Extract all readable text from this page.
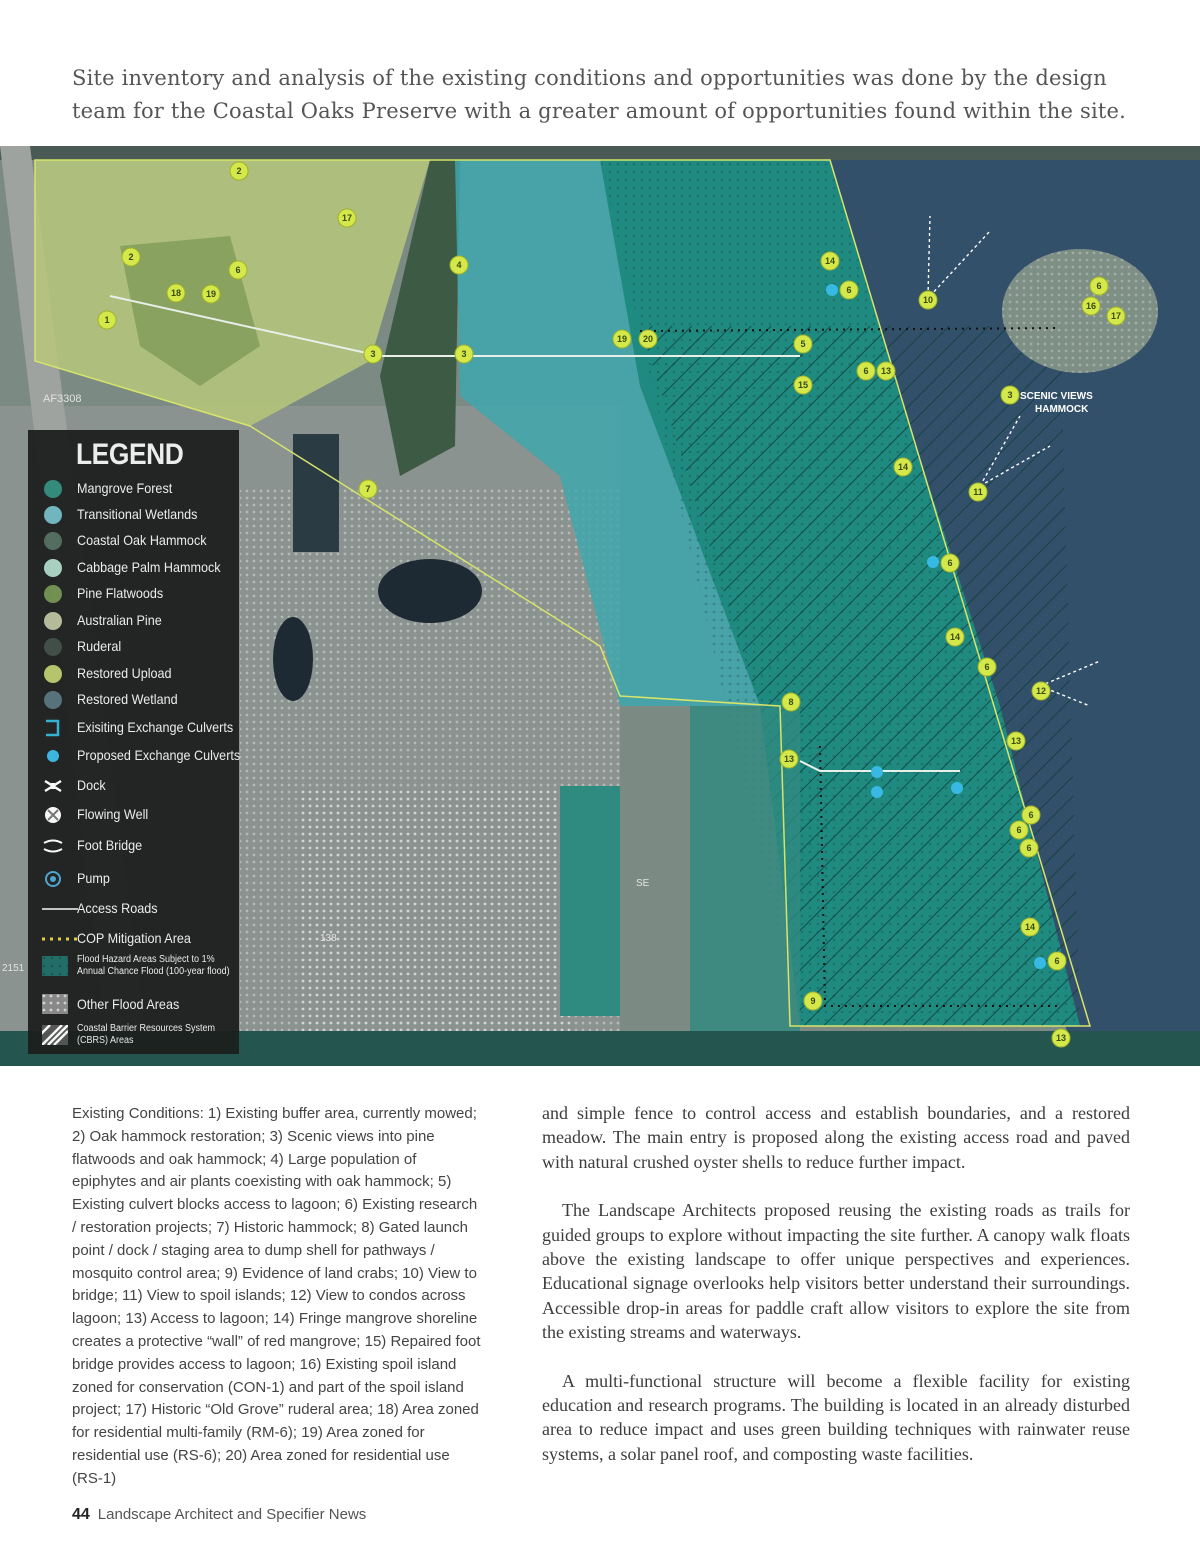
Site inventory and analysis of the existing conditions and opportunities was done by the design team for the Coastal Oaks Preserve with a greater amount of opportunities found within the site.
2
17
2
6	4
18	19
1
3	3
19 20	5
15
6 13
14
6
10
6
16
17
3
14
11
7
6
14
6
12
8
13
13
6
6
6
14
6
9
13
SCENIC VIEWS
HAMMOCK
AF3308
138
2151
SE
LEGEND
Mangrove Forest
Transitional Wetlands
Coastal Oak Hammock
Cabbage Palm Hammock
Pine Flatwoods
Australian Pine
Ruderal
Restored Upload
Restored Wetland
Exisiting Exchange Culverts
Proposed Exchange Culverts
Dock
Flowing Well
Foot Bridge
Pump
Access Roads
COP Mitigation Area
Flood Hazard Areas Subject to 1% Annual Chance Flood (100-year flood)
Other Flood Areas
Coastal Barrier Resources System (CBRS) Areas
Existing Conditions: 1) Existing buffer area, currently mowed; 2) Oak hammock restoration; 3) Scenic views into pine flatwoods and oak hammock; 4) Large population of epiphytes and air plants coexisting with oak hammock; 5) Existing culvert blocks access to lagoon; 6) Existing research / restoration projects; 7) Historic hammock; 8) Gated launch point / dock / staging area to dump shell for pathways / mosquito control area; 9) Evidence of land crabs; 10) View to bridge; 11) View to spoil islands; 12) View to condos across lagoon; 13) Access to lagoon; 14) Fringe mangrove shoreline creates a protective “wall” of red mangrove; 15) Repaired foot bridge provides access to lagoon; 16) Existing spoil island zoned for conservation (CON-1) and part of the spoil island project; 17) Historic “Old Grove” ruderal area; 18) Area zoned for residential multi-family (RM-6); 19) Area zoned for residential use (RS-6); 20) Area zoned for residential use (RS-1)

and simple fence to control access and establish boundaries, and a restored meadow. The main entry is proposed along the existing access road and paved with natural crushed oyster shells to reduce further impact.

The Landscape Architects proposed reusing the existing roads as trails for guided groups to explore without impacting the site further. A canopy walk floats above the existing landscape to offer unique perspectives and experiences. Educational signage overlooks help visitors better understand their surroundings. Accessible drop-in areas for paddle craft allow visitors to explore the site from the existing streams and waterways.

A multi-functional structure will become a flexible facility for existing education and research programs. The building is located in an already disturbed area to reduce impact and uses green building techniques with rainwater reuse systems, a solar panel roof, and composting waste facilities.

44 Landscape Architect and Specifier News
